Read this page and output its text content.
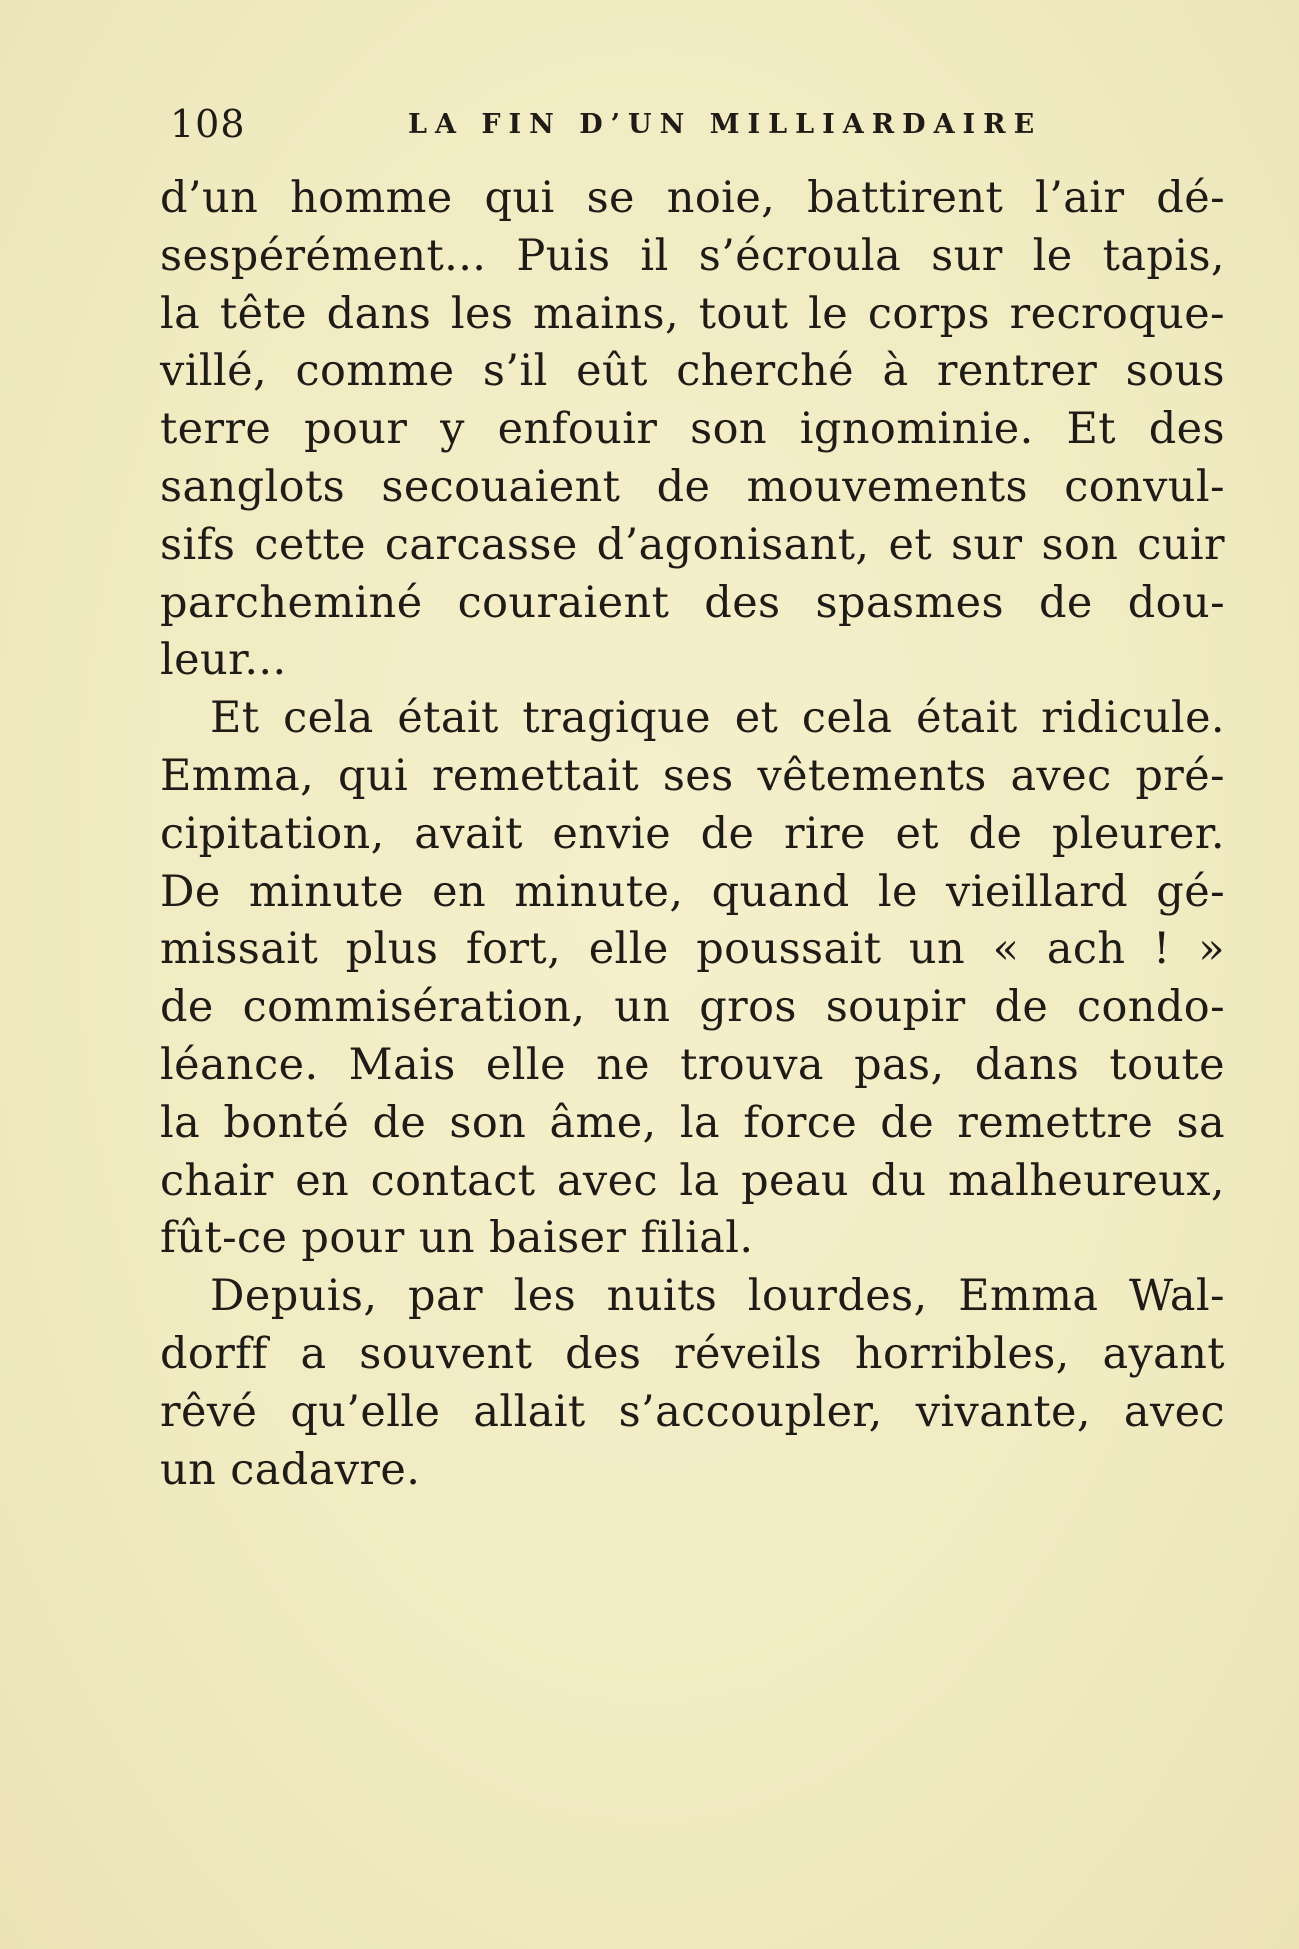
108	LA FIN D’UN MILLIARDAIRE
d’un homme qui se noie, battirent l’air dé-
sespérément... Puis il s’écroula sur le tapis,
la tête dans les mains, tout le corps recroque-
villé, comme s’il eût cherché à rentrer sous
terre pour y enfouir son ignominie. Et des
sanglots secouaient de mouvements convul-
sifs cette carcasse d’agonisant, et sur son cuir
parcheminé couraient des spasmes de dou-
leur...
Et cela était tragique et cela était ridicule.
Emma, qui remettait ses vêtements avec pré-
cipitation, avait envie de rire et de pleurer.
De minute en minute, quand le vieillard gé-
missait plus fort, elle poussait un « ach ! »
de commisération, un gros soupir de condo-
léance. Mais elle ne trouva pas, dans toute
la bonté de son âme, la force de remettre sa
chair en contact avec la peau du malheureux,
fût-ce pour un baiser filial.
Depuis, par les nuits lourdes, Emma Wal-
dorff a souvent des réveils horribles, ayant
rêvé qu’elle allait s’accoupler, vivante, avec
un cadavre.
